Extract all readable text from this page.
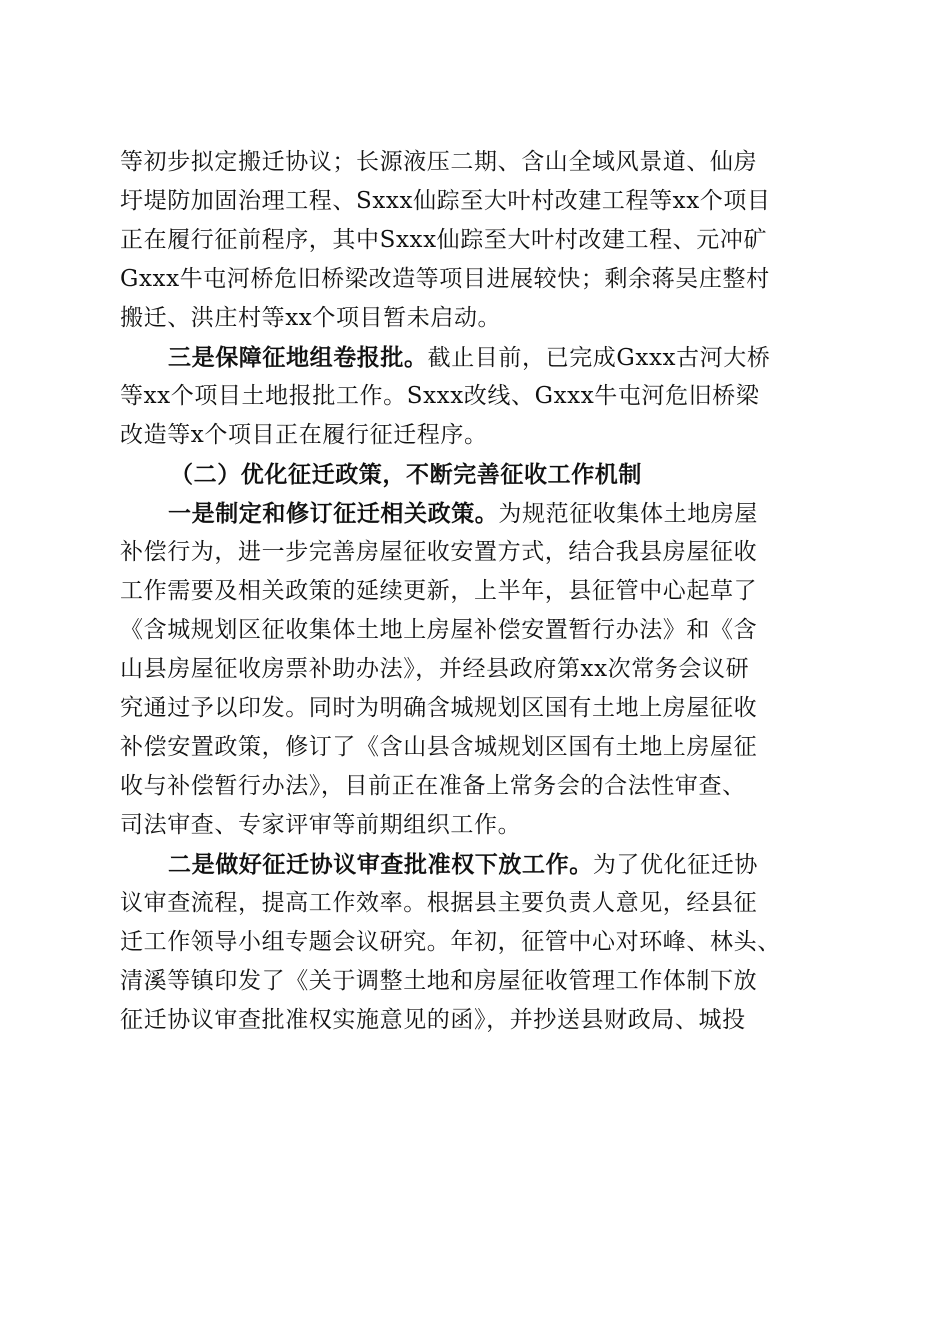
等初步拟定搬迁协议；长源液压二期、含山全域风景道、仙房
圩堤防加固治理工程、Sxxx仙踪至大叶村改建工程等xx个项目
正在履行征前程序，其中Sxxx仙踪至大叶村改建工程、元冲矿
Gxxx牛屯河桥危旧桥梁改造等项目进展较快；剩余蒋吴庄整村
搬迁、洪庄村等xx个项目暂未启动。
三是保障征地组卷报批。截止目前，已完成Gxxx古河大桥
等xx个项目土地报批工作。Sxxx改线、Gxxx牛屯河危旧桥梁
改造等x个项目正在履行征迁程序。
（二）优化征迁政策，不断完善征收工作机制
一是制定和修订征迁相关政策。为规范征收集体土地房屋
补偿行为，进一步完善房屋征收安置方式，结合我县房屋征收
工作需要及相关政策的延续更新，上半年，县征管中心起草了
《含城规划区征收集体土地上房屋补偿安置暂行办法》和《含
山县房屋征收房票补助办法》，并经县政府第xx次常务会议研
究通过予以印发。同时为明确含城规划区国有土地上房屋征收
补偿安置政策，修订了《含山县含城规划区国有土地上房屋征
收与补偿暂行办法》，目前正在准备上常务会的合法性审查、
司法审查、专家评审等前期组织工作。
二是做好征迁协议审查批准权下放工作。为了优化征迁协
议审查流程，提高工作效率。根据县主要负责人意见，经县征
迁工作领导小组专题会议研究。年初，征管中心对环峰、林头、
清溪等镇印发了《关于调整土地和房屋征收管理工作体制下放
征迁协议审查批准权实施意见的函》，并抄送县财政局、城投
